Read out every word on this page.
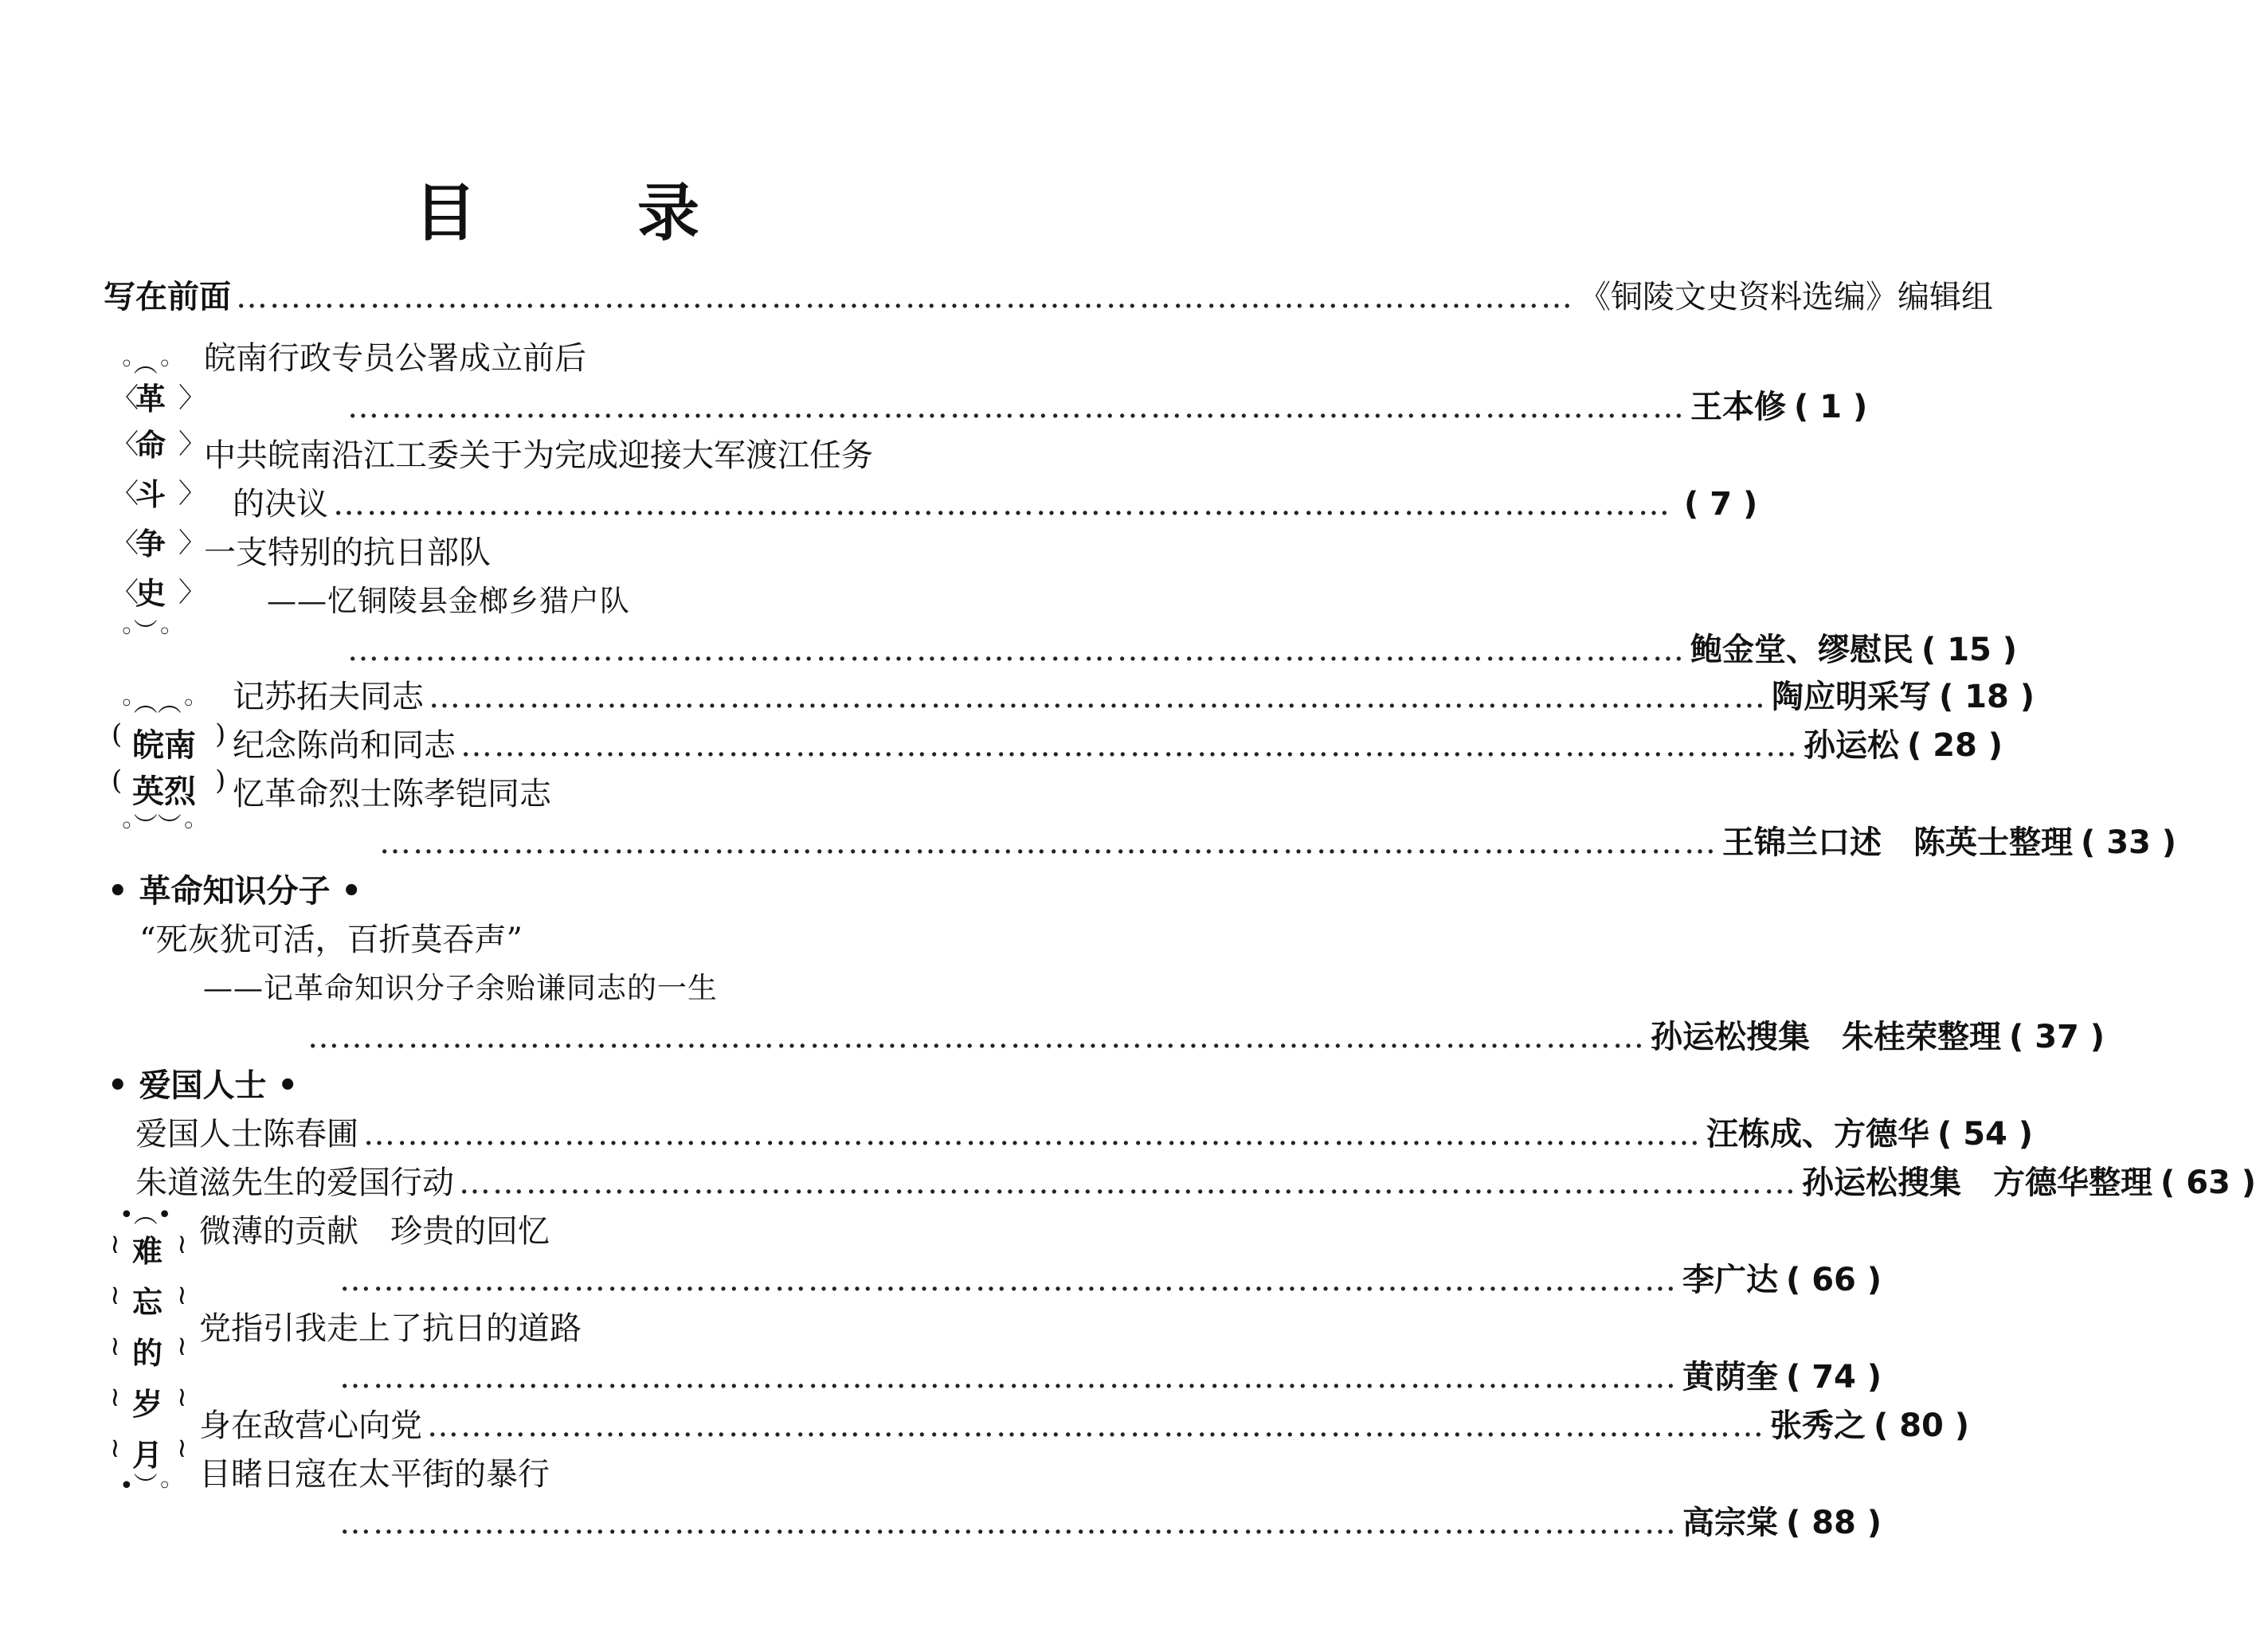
目	录
写在前面 ………………………………………………………………………………………………………… 《铜陵文史资料选编》编辑组
◦︵◦
〈 〉
革
〈 〉
命
〈 〉
斗
〈 〉
争
〈 〉
史
◦︶◦
皖南行政专员公署成立前后
………………………………………………………………………………………………………… 王本修 ( 1 )
中共皖南沿江工委关于为完成迎接大军渡江任务
的决议 ………………………………………………………………………………………………………… ( 7 )
一支特别的抗日部队
——忆铜陵县金榔乡猎户队
………………………………………………………………………………………………………… 鲍金堂、缪慰民 ( 15 )
◦︵︵◦
(	)
皖南
(	)
英烈
◦︶︶◦
记苏拓夫同志 ………………………………………………………………………………………………………… 陶应明采写 ( 18 )
纪念陈尚和同志 ………………………………………………………………………………………………………… 孙运松 ( 28 )
忆革命烈士陈孝铠同志
………………………………………………………………………………………………………… 王锦兰口述　陈英士整理 ( 33 )
• 革命知识分子 •
“死灰犹可活，百折莫吞声”
——记革命知识分子余贻谦同志的一生
………………………………………………………………………………………………………… 孙运松搜集　朱桂荣整理 ( 37 )
• 爱国人士 •
爱国人士陈春圃 ………………………………………………………………………………………………………… 汪栋成、方德华 ( 54 )
朱道滋先生的爱国行动 ………………………………………………………………………………………………………… 孙运松搜集　方德华整理 ( 63 )
•︵•
≀ ≀
难
≀ ≀
忘
≀ ≀
的
≀ ≀
岁
≀ ≀
月
•︶◦
微薄的贡献　珍贵的回忆
………………………………………………………………………………………………………… 李广达 ( 66 )
党指引我走上了抗日的道路
………………………………………………………………………………………………………… 黄荫奎 ( 74 )
身在敌营心向党 ………………………………………………………………………………………………………… 张秀之 ( 80 )
目睹日寇在太平街的暴行
………………………………………………………………………………………………………… 高宗棠 ( 88 )
